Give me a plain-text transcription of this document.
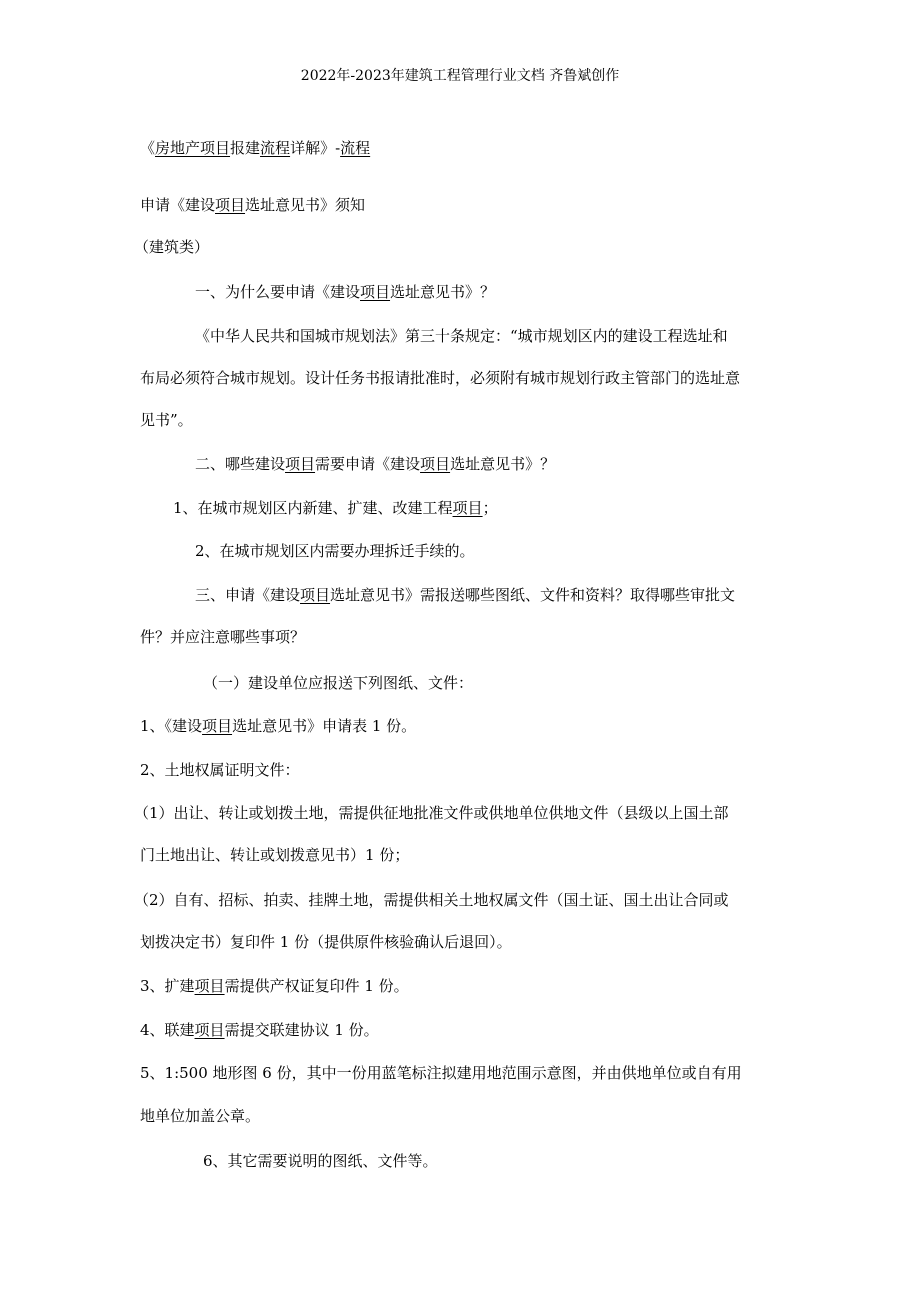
2022年-2023年建筑工程管理行业文档 齐鲁斌创作
《房地产项目报建流程详解》-流程
申请《建设项目选址意见书》须知
（建筑类）
一、为什么要申请《建设项目选址意见书》？
《中华人民共和国城市规划法》第三十条规定：“城市规划区内的建设工程选址和
布局必须符合城市规划。设计任务书报请批准时，必须附有城市规划行政主管部门的选址意
见书”。
二、哪些建设项目需要申请《建设项目选址意见书》？
1、在城市规划区内新建、扩建、改建工程项目；
2、在城市规划区内需要办理拆迁手续的。
三、申请《建设项目选址意见书》需报送哪些图纸、文件和资料？取得哪些审批文
件？并应注意哪些事项？
（一）建设单位应报送下列图纸、文件：
1、《建设项目选址意见书》申请表 1 份。
2、土地权属证明文件：
（1）出让、转让或划拨土地，需提供征地批准文件或供地单位供地文件（县级以上国土部
门土地出让、转让或划拨意见书）1 份；
（2）自有、招标、拍卖、挂牌土地，需提供相关土地权属文件（国土证、国土出让合同或
划拨决定书）复印件 1 份（提供原件核验确认后退回）。
3、扩建项目需提供产权证复印件 1 份。
4、联建项目需提交联建协议 1 份。
5、1:500 地形图 6 份，其中一份用蓝笔标注拟建用地范围示意图，并由供地单位或自有用
地单位加盖公章。
6、其它需要说明的图纸、文件等。
